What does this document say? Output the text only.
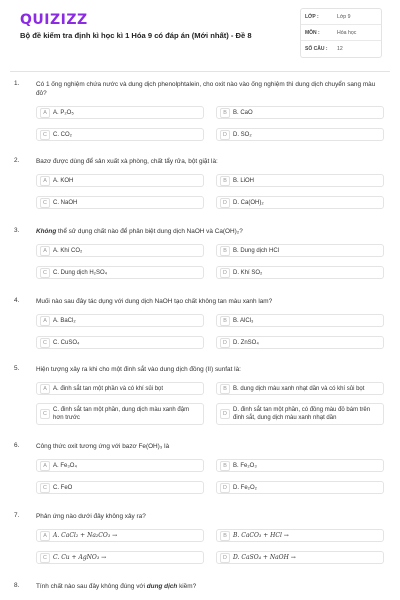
QUIZIZZ
Bộ đề kiểm tra định kì học kì 1 Hóa 9 có đáp án (Mới nhất) - Đề 8
LỚP :	Lớp 9
MÔN :	Hóa học
SỐ CÂU :	12
1.	Có 1 ống nghiệm chứa nước và dung dịch phenolphtalein, cho oxit nào vào ống nghiệm thì dung dịch chuyển sang màu đỏ?
A	A. P₂O₅	B	B. CaO
C	C. CO₂	D	D. SO₂
2.	Bazơ được dùng để sản xuất xà phòng, chất tẩy rửa, bột giặt là:
A	A. KOH	B	B. LiOH
C	C. NaOH	D	D. Ca(OH)₂
3.	Không thể sử dụng chất nào để phân biệt dung dịch NaOH và Ca(OH)₂?
A	A. Khí CO₂	B	B. Dung dịch HCl
C	C. Dung dịch H₂SO₄	D	D. Khí SO₂
4.	Muối nào sau đây tác dụng với dung dịch NaOH tạo chất không tan màu xanh lam?
A	A. BaCl₂	B	B. AlCl₃
C	C. CuSO₄	D	D. ZnSO₄
5.	Hiện tượng xảy ra khi cho một đinh sắt vào dung dịch đồng (II) sunfat là:
A	A. đinh sắt tan một phần và có khí sủi bọt	B	B. dung dịch màu xanh nhạt dần và có khí sủi bọt
C
C. đinh sắt tan một phần, dung dịch màu xanh đậm hơn trước
D
D. đinh sắt tan một phần, có đồng màu đỏ bám trên đinh sắt, dung dịch màu xanh nhạt dần
6.	Công thức oxit tương ứng với bazơ Fe(OH)₃ là
A	A. Fe₃O₄	B	B. Fe₂O₃
C	C. FeO	D	D. Fe₂O₂
7.	Phản ứng nào dưới đây không xảy ra?
A	A. CaCl₂ + Na₂CO₃ →	B	B. CaCO₃ + HCl →
C	C. Cu + AgNO₃ →	D	D. CaSO₄ + NaOH →
8.	Tính chất nào sau đây không đúng với dung dịch kiềm?
